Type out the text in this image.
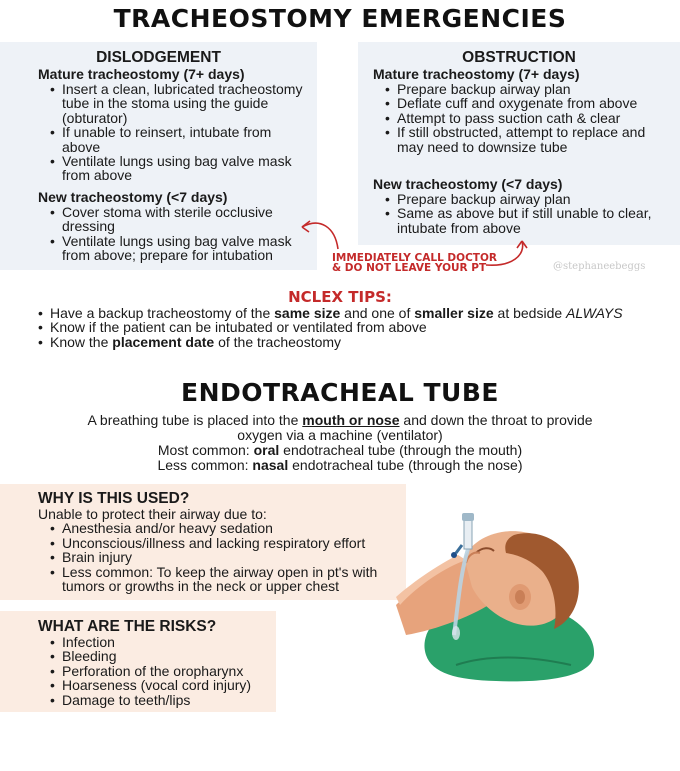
TRACHEOSTOMY EMERGENCIES
DISLODGEMENT
Mature tracheostomy (7+ days)
• Insert a clean, lubricated tracheostomy tube in the stoma using the guide (obturator)
• If unable to reinsert, intubate from above
• Ventilate lungs using bag valve mask from above
New tracheostomy (<7 days)
• Cover stoma with sterile occlusive dressing
• Ventilate lungs using bag valve mask from above; prepare for intubation
OBSTRUCTION
Mature tracheostomy (7+ days)
• Prepare backup airway plan
• Deflate cuff and oxygenate from above
• Attempt to pass suction cath & clear
• If still obstructed, attempt to replace and may need to downsize tube
New tracheostomy (<7 days)
• Prepare backup airway plan
• Same as above but if still unable to clear, intubate from above
IMMEDIATELY CALL DOCTOR
& DO NOT LEAVE YOUR PT	@stephaneebeggs
NCLEX TIPS:
• Have a backup tracheostomy of the same size and one of smaller size at bedside ALWAYS
• Know if the patient can be intubated or ventilated from above
• Know the placement date of the tracheostomy
ENDOTRACHEAL TUBE
A breathing tube is placed into the mouth or nose and down the throat to provide
oxygen via a machine (ventilator)
Most common: oral endotracheal tube (through the mouth)
Less common: nasal endotracheal tube (through the nose)
WHY IS THIS USED?
Unable to protect their airway due to:
• Anesthesia and/or heavy sedation
• Unconscious/illness and lacking respiratory effort
• Brain injury
• Less common: To keep the airway open in pt's with tumors or growths in the neck or upper chest
WHAT ARE THE RISKS?
• Infection
• Bleeding
• Perforation of the oropharynx
• Hoarseness (vocal cord injury)
• Damage to teeth/lips
